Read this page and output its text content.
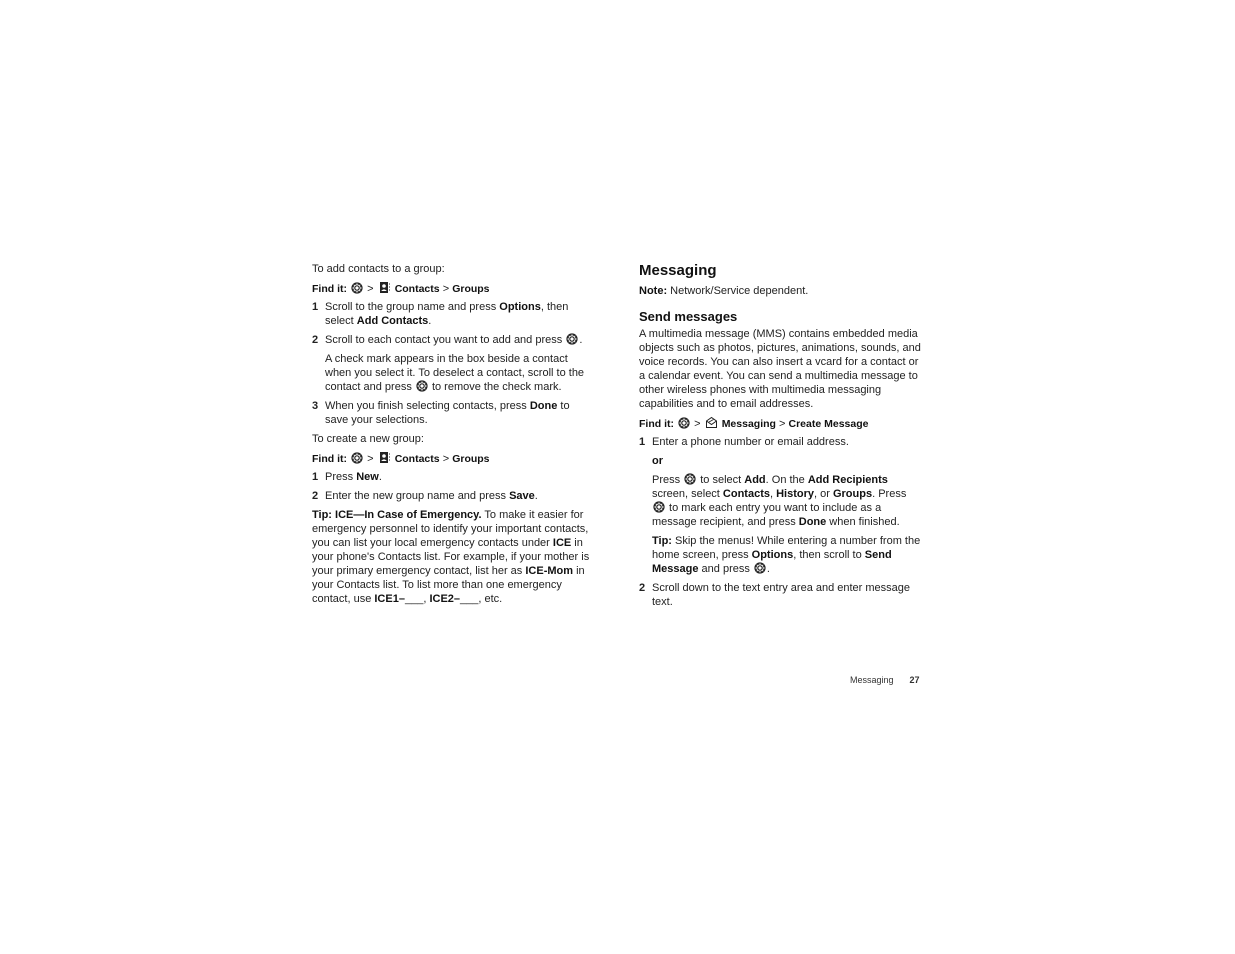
To add contacts to a group:

Find it: > Contacts > Groups

1 Scroll to the group name and press Options, then select Add Contacts.
2 Scroll to each contact you want to add and press .

A check mark appears in the box beside a contact when you select it. To deselect a contact, scroll to the contact and press  to remove the check mark.

3 When you finish selecting contacts, press Done to save your selections.

To create a new group:

Find it: > Contacts > Groups

1 Press New.
2 Enter the new group name and press Save.

Tip: ICE—In Case of Emergency. To make it easier for emergency personnel to identify your important contacts, you can list your local emergency contacts under ICE in your phone's Contacts list. For example, if your mother is your primary emergency contact, list her as ICE-Mom in your Contacts list. To list more than one emergency contact, use ICE1–___, ICE2–___, etc.

Messaging

Note: Network/Service dependent.

Send messages

A multimedia message (MMS) contains embedded media objects such as photos, pictures, animations, sounds, and voice records. You can also insert a vcard for a contact or a calendar event. You can send a multimedia message to other wireless phones with multimedia messaging capabilities and to email addresses.

Find it: > Messaging > Create Message

1 Enter a phone number or email address.

or

Press  to select Add. On the Add Recipients screen, select Contacts, History, or Groups. Press  to mark each entry you want to include as a message recipient, and press Done when finished.

Tip: Skip the menus! While entering a number from the home screen, press Options, then scroll to Send Message and press .

2 Scroll down to the text entry area and enter message text.
Messaging 27
